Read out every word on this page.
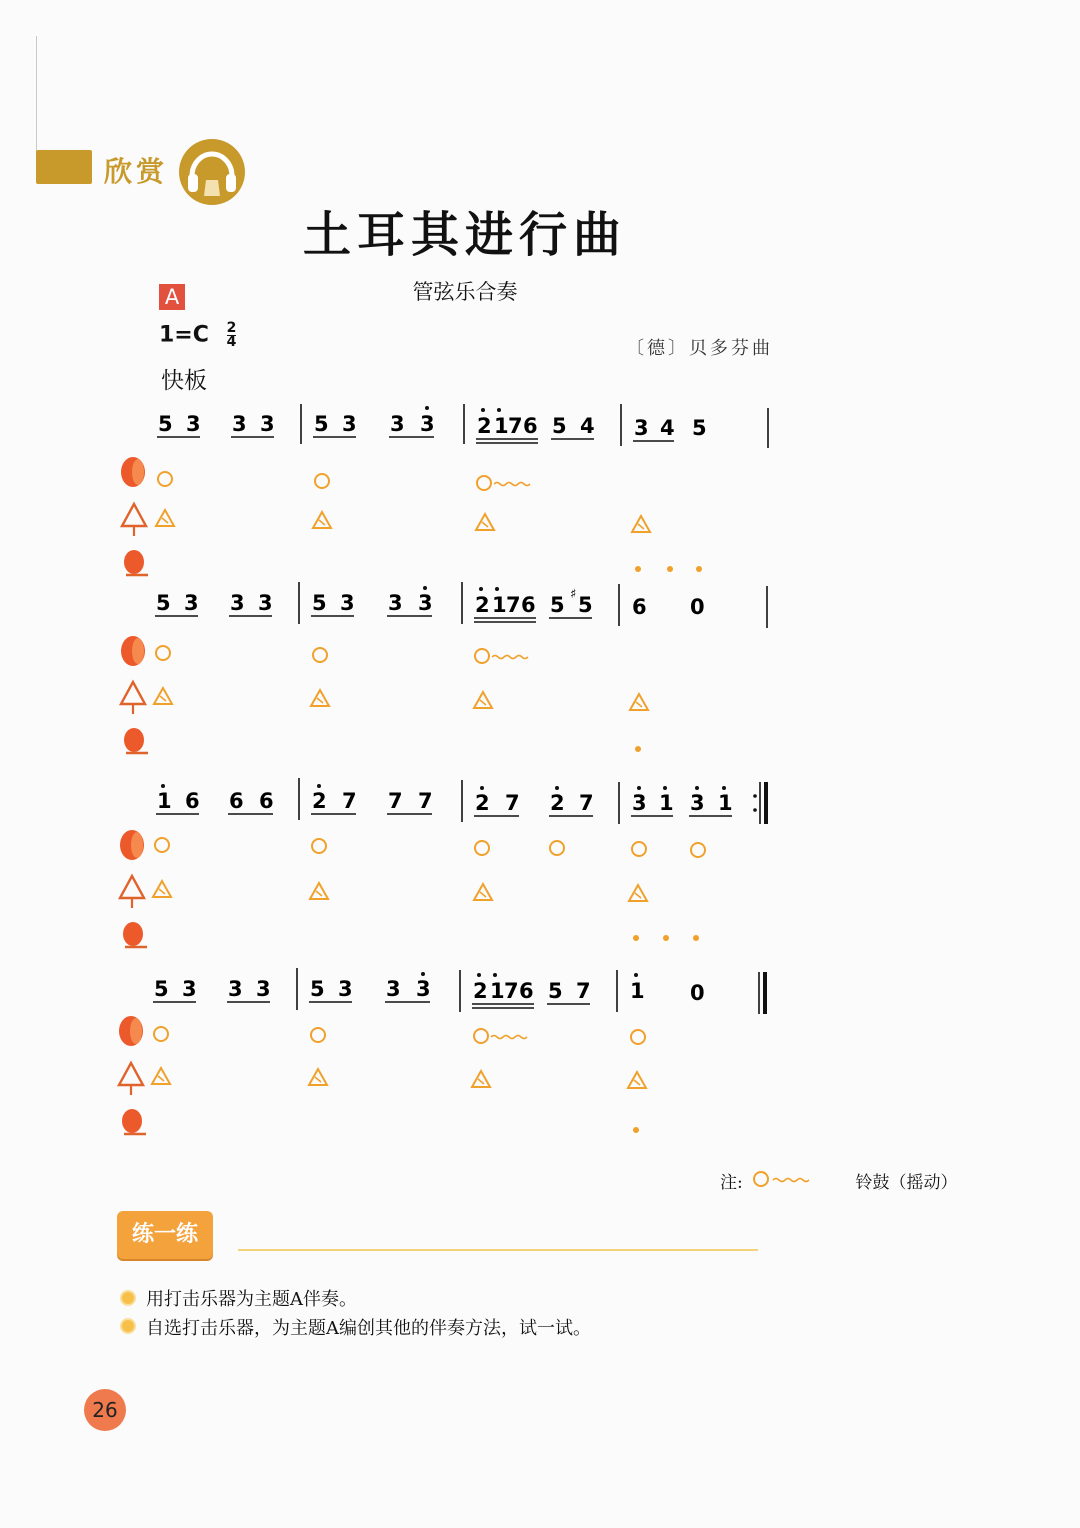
欣赏
土耳其进行曲
管弦乐合奏
A
$1=C \frac{2}{4}$	〔德〕贝多芬曲
快板
5 3 3 3 5 3 3 3 2 1 7 6 5 4 3 4 5
5 3 3 3 5 3 3 3 2 1 7 6 5 5 6 0
♯
1 6 6 6 2 7 7 7 2 7 2 7 3 1 3 1
5 3 3 3 5 3 3 3 2 1 7 6 5 7 1 0
注:	铃鼓（摇动）
练一练
用打击乐器为主题A伴奏。
自选打击乐器，为主题A编创其他的伴奏方法，试一试。
26
